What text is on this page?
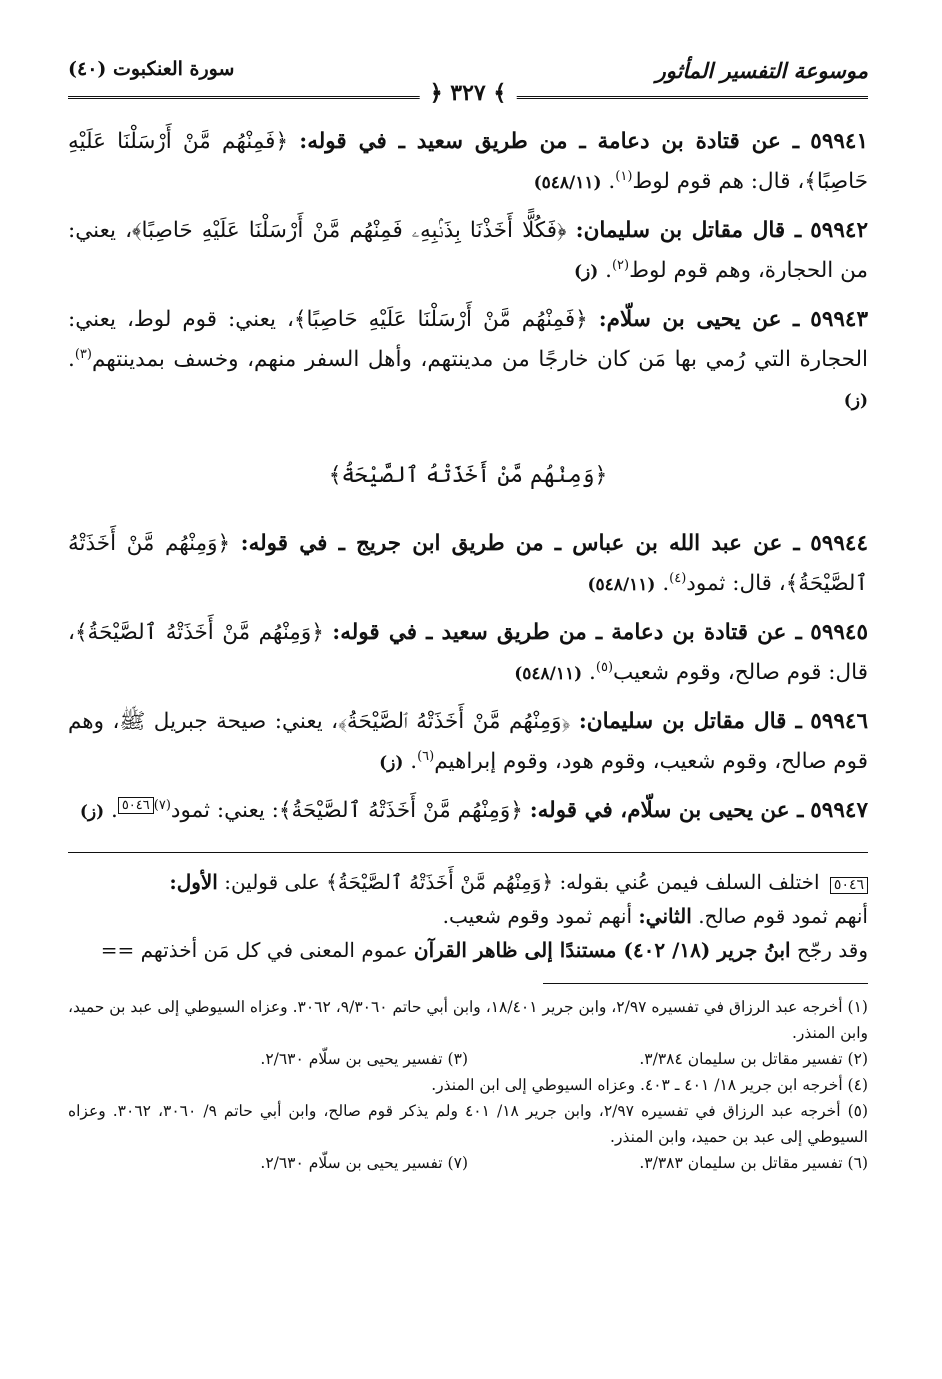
موسوعة التفسير المأثور
سورة العنكبوت (٤٠)
﴾ ٣٢٧ ﴿

٥٩٩٤١ ـ عن قتادة بن دعامة ـ من طريق سعيد ـ في قوله: ﴿فَمِنْهُم مَّنْ أَرْسَلْنَا عَلَيْهِ حَاصِبًا﴾، قال: هم قوم لوط$^{(١)}$. (٥٤٨/١١)

٥٩٩٤٢ ـ قال مقاتل بن سليمان: ﴿فَكُلًّا أَخَذْنَا بِذَنۢبِهِۦ فَمِنْهُم مَّنْ أَرْسَلْنَا عَلَيْهِ حَاصِبًا﴾، يعني: من الحجارة، وهم قوم لوط$^{(٢)}$. (ز)

٥٩٩٤٣ ـ عن يحيى بن سلّام: ﴿فَمِنْهُم مَّنْ أَرْسَلْنَا عَلَيْهِ حَاصِبًا﴾، يعني: قوم لوط، يعني: الحجارة التي رُمي بها مَن كان خارجًا من مدينتهم، وأهل السفر منهم، وخسف بمدينتهم$^{(٣)}$. (ز)

﴿وَمِنْهُم مَّنْ أَخَذَتْهُ ٱلصَّيْحَةُ﴾

٥٩٩٤٤ ـ عن عبد الله بن عباس ـ من طريق ابن جريج ـ في قوله: ﴿وَمِنْهُم مَّنْ أَخَذَتْهُ ٱلصَّيْحَةُ﴾، قال: ثمود$^{(٤)}$. (٥٤٨/١١)

٥٩٩٤٥ ـ عن قتادة بن دعامة ـ من طريق سعيد ـ في قوله: ﴿وَمِنْهُم مَّنْ أَخَذَتْهُ ٱلصَّيْحَةُ﴾، قال: قوم صالح، وقوم شعيب$^{(٥)}$. (٥٤٨/١١)

٥٩٩٤٦ ـ قال مقاتل بن سليمان: ﴿وَمِنْهُم مَّنْ أَخَذَتْهُ ٱلصَّيْحَةُ﴾، يعني: صيحة جبريل ﷺ، وهم قوم صالح، وقوم شعيب، وقوم هود، وقوم إبراهيم$^{(٦)}$. (ز)

٥٩٩٤٧ ـ عن يحيى بن سلّام، في قوله: ﴿وَمِنْهُم مَّنْ أَخَذَتْهُ ٱلصَّيْحَةُ﴾: يعني: ثمود$^{(٧)}$٥٠٤٦. (ز)

٥٠٤٦ اختلف السلف فيمن عُني بقوله: ﴿وَمِنْهُم مَّنْ أَخَذَتْهُ ٱلصَّيْحَةُ﴾ على قولين: الأول:
أنهم ثمود قوم صالح. الثاني: أنهم ثمود وقوم شعيب.
وقد رجّح ابنُ جرير (١٨/ ٤٠٢) مستندًا إلى ظاهر القرآن عموم المعنى في كل مَن أخذتهم ==
(١) أخرجه عبد الرزاق في تفسيره ٢/٩٧، وابن جرير ١٨/٤٠١، وابن أبي حاتم ٩/٣٠٦٠، ٣٠٦٢. وعزاه السيوطي إلى عبد بن حميد، وابن المنذر.
(٢) تفسير مقاتل بن سليمان ٣/٣٨٤.
(٣) تفسير يحيى بن سلّام ٢/٦٣٠.
(٤) أخرجه ابن جرير ١٨/ ٤٠١ ـ ٤٠٣. وعزاه السيوطي إلى ابن المنذر.
(٥) أخرجه عبد الرزاق في تفسيره ٢/٩٧، وابن جرير ١٨/ ٤٠١ ولم يذكر قوم صالح، وابن أبي حاتم ٩/ ٣٠٦٠، ٣٠٦٢. وعزاه السيوطي إلى عبد بن حميد، وابن المنذر.
(٦) تفسير مقاتل بن سليمان ٣/٣٨٣.
(٧) تفسير يحيى بن سلّام ٢/٦٣٠.
